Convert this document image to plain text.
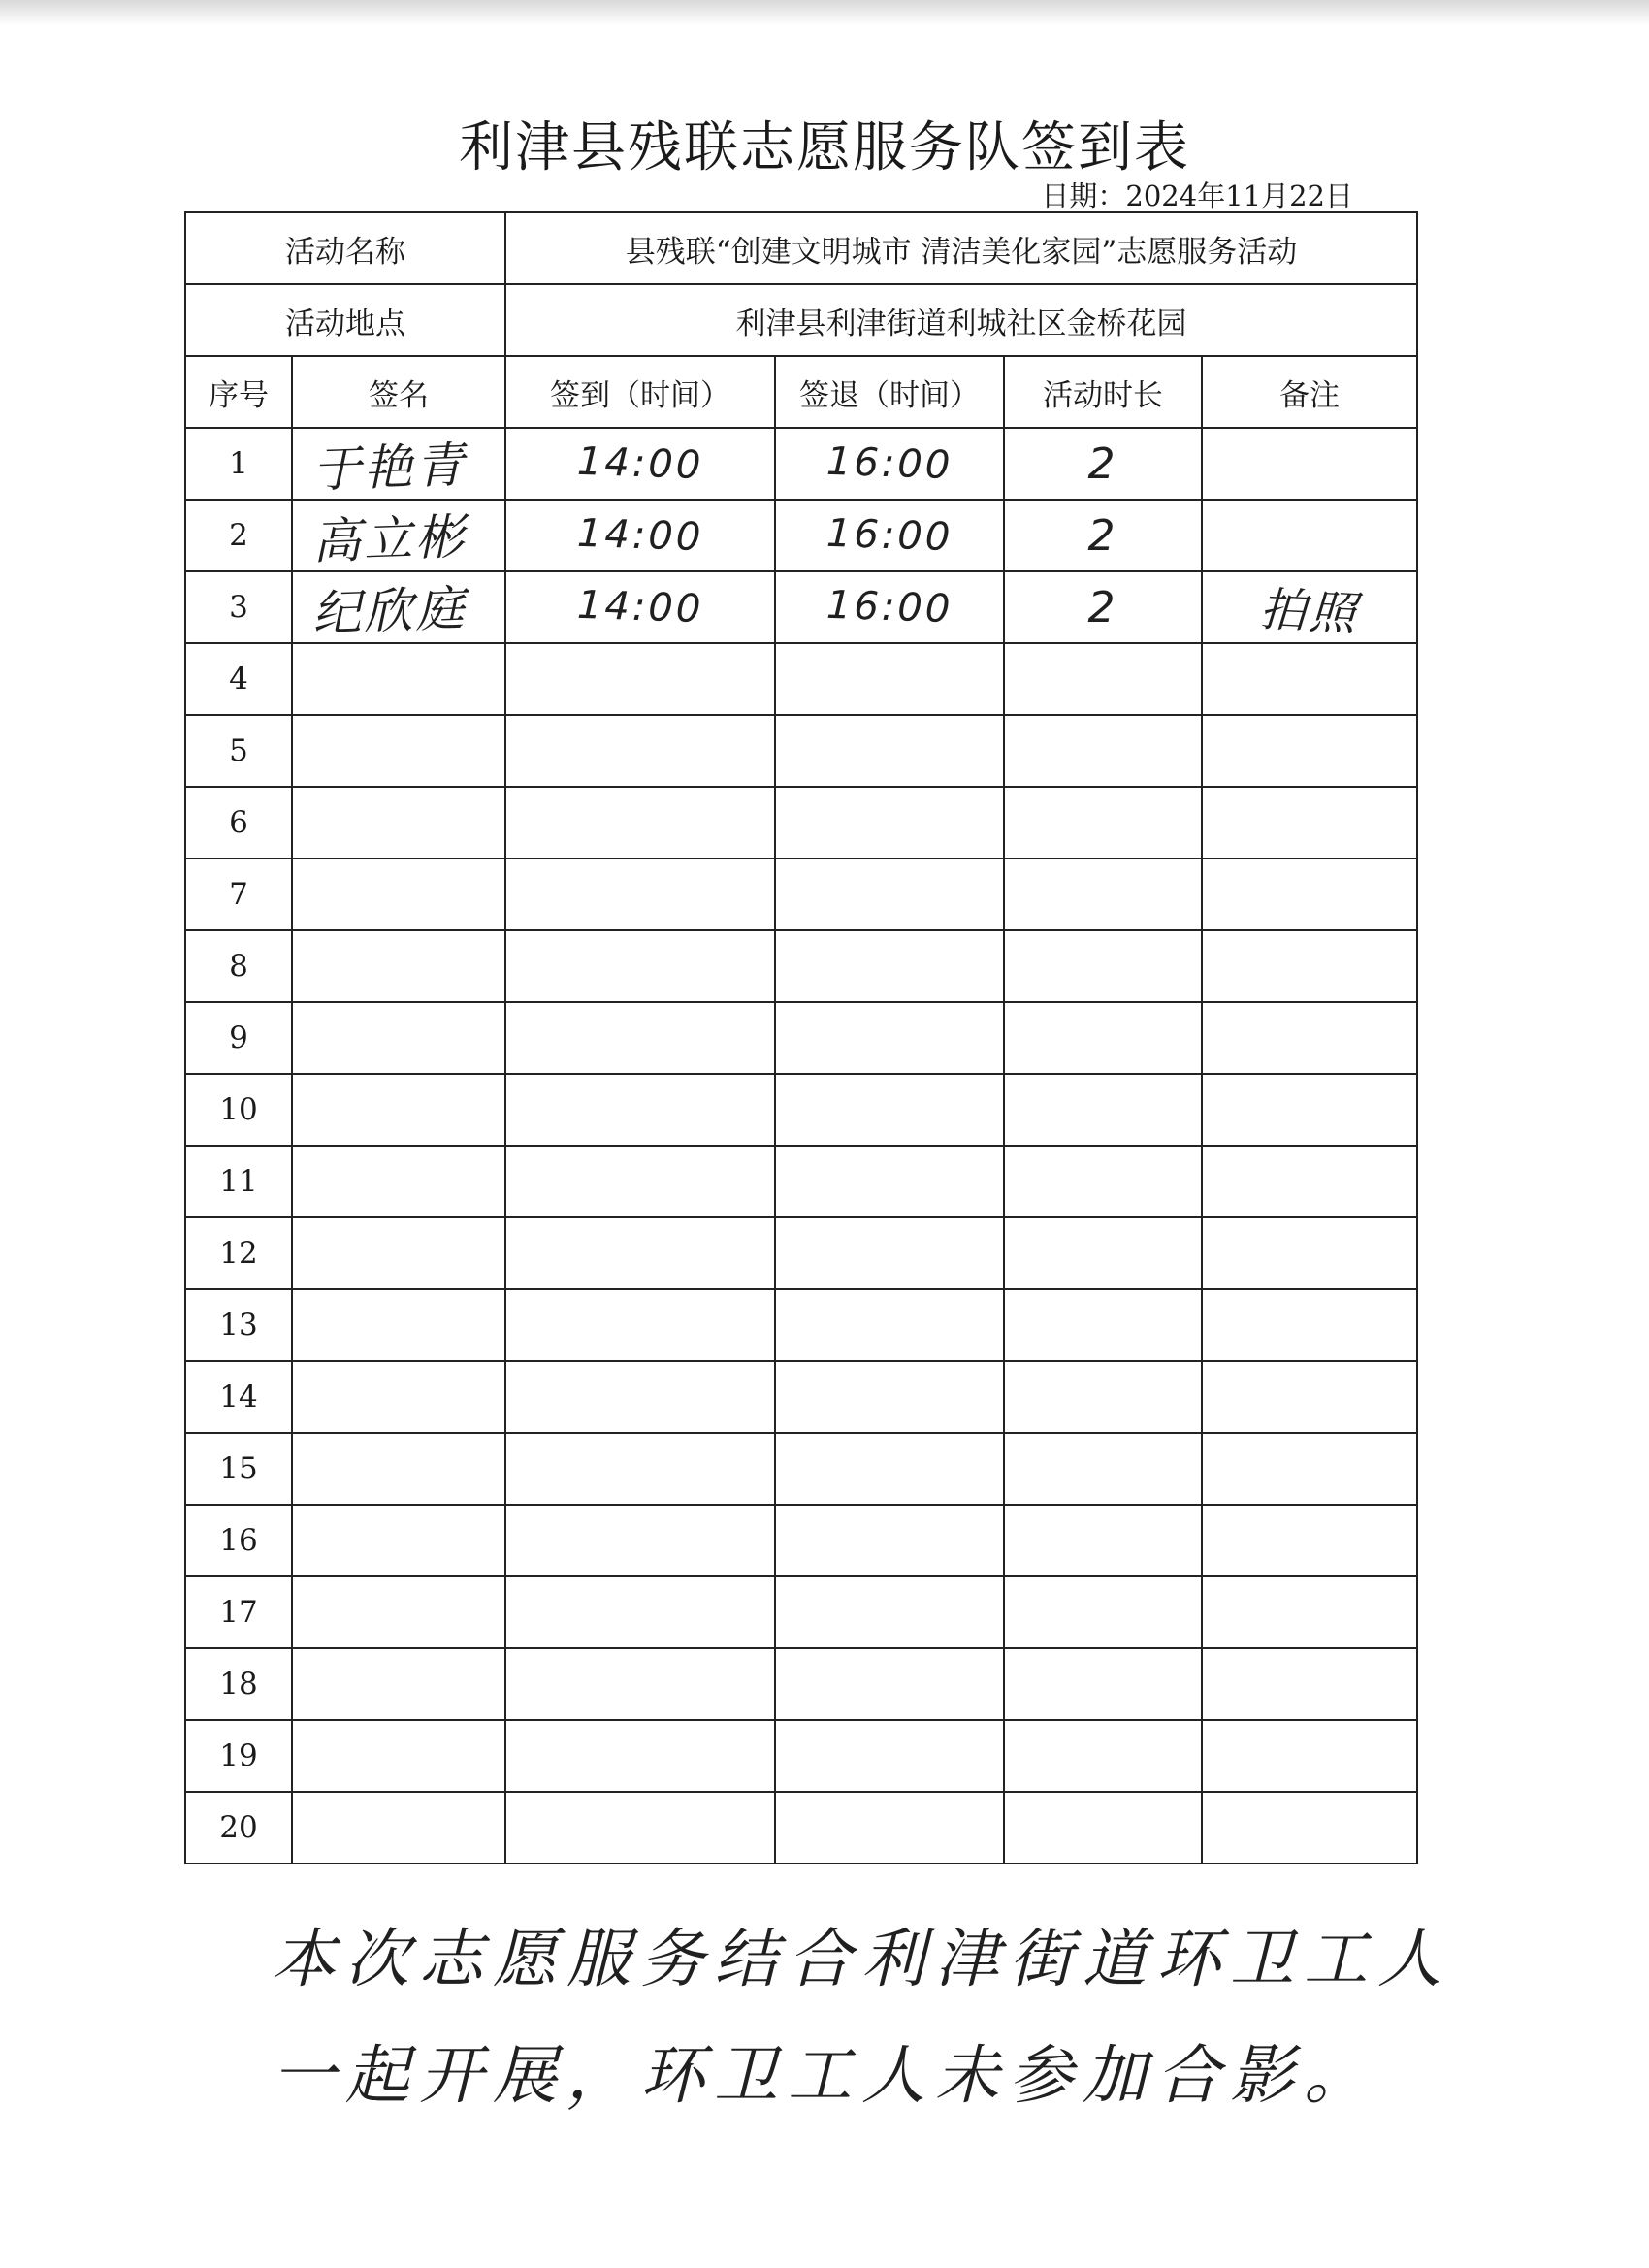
利津县残联志愿服务队签到表
日期：2024年11月22日
活动名称		县残联“创建文明城市 清洁美化家园”志愿服务活动			
活动地点		利津县利津街道利城社区金桥花园			
序号	签名	签到（时间）	签退（时间）	活动时长	备注
1	于艳青	14:00	16:00	2	
2	高立彬	14:00	16:00	2	
3	纪欣庭	14:00	16:00	2	拍照
4					
5					
6					
7					
8					
9					
10					
11					
12					
13					
14					
15					
16					
17					
18					
19					
20					
本次志愿服务结合利津街道环卫工人一起开展，环卫工人未参加合影。
